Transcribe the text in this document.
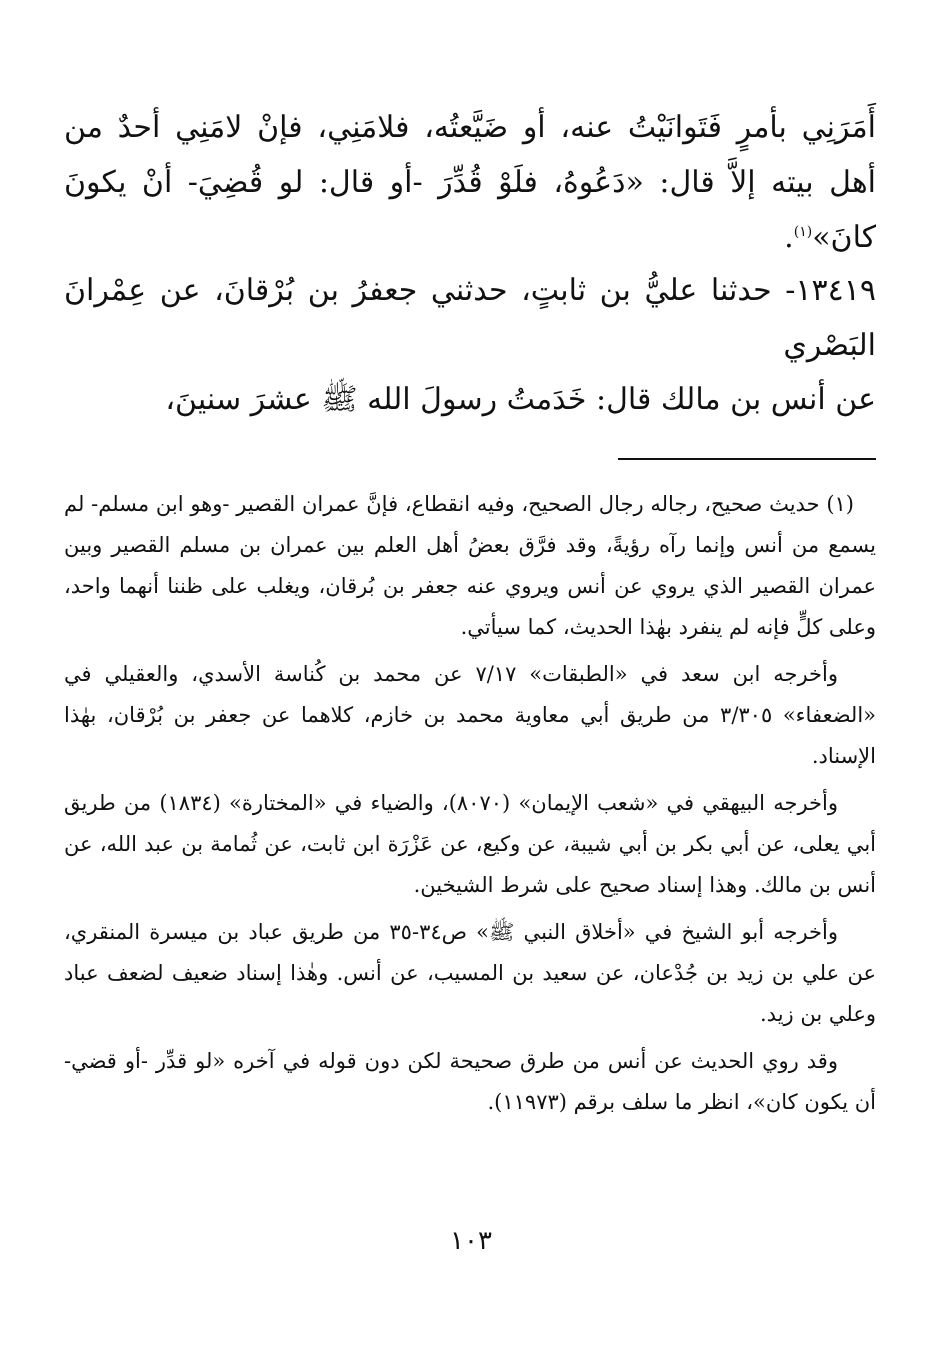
أَمَرَنِي بأمرٍ فَتَوانَيْتُ عنه، أو ضَيَّعتُه، فلامَنِي، فإنْ لامَنِي أحدٌ من أهل بيته إلاَّ قال: «دَعُوهُ، فلَوْ قُدِّرَ -أو قال: لو قُضِيَ- أنْ يكونَ كانَ»$^{(١)}$.

١٣٤١٩- حدثنا عليُّ بن ثابتٍ، حدثني جعفرُ بن بُرْقانَ، عن عِمْرانَ البَصْري

عن أنس بن مالك قال: خَدَمتُ رسولَ الله ﷺ عشرَ سنينَ،

(١) حديث صحيح، رجاله رجال الصحيح، وفيه انقطاع، فإنَّ عمران القصير -وهو ابن مسلم- لم يسمع من أنس وإنما رآه رؤيةً، وقد فرَّق بعضُ أهل العلم بين عمران بن مسلم القصير وبين عمران القصير الذي يروي عن أنس ويروي عنه جعفر بن بُرقان، ويغلب على ظننا أنهما واحد، وعلى كلٍّ فإنه لم ينفرد بهٰذا الحديث، كما سيأتي.

وأخرجه ابن سعد في «الطبقات» ٧/١٧ عن محمد بن كُناسة الأسدي، والعقيلي في «الضعفاء» ٣/٣٠٥ من طريق أبي معاوية محمد بن خازم، كلاهما عن جعفر بن بُرْقان، بهٰذا الإسناد.

وأخرجه البيهقي في «شعب الإيمان» (٨٠٧٠)، والضياء في «المختارة» (١٨٣٤) من طريق أبي يعلى، عن أبي بكر بن أبي شيبة، عن وكيع، عن عَزْرَة ابن ثابت، عن ثُمامة بن عبد الله، عن أنس بن مالك. وهذا إسناد صحيح على شرط الشيخين.

وأخرجه أبو الشيخ في «أخلاق النبي ﷺ» ص٣٤-٣٥ من طريق عباد بن ميسرة المنقري، عن علي بن زيد بن جُدْعان، عن سعيد بن المسيب، عن أنس. وهٰذا إسناد ضعيف لضعف عباد وعلي بن زيد.

وقد روي الحديث عن أنس من طرق صحيحة لكن دون قوله في آخره «لو قدِّر -أو قضي- أن يكون كان»، انظر ما سلف برقم (١١٩٧٣).

١٠٣
